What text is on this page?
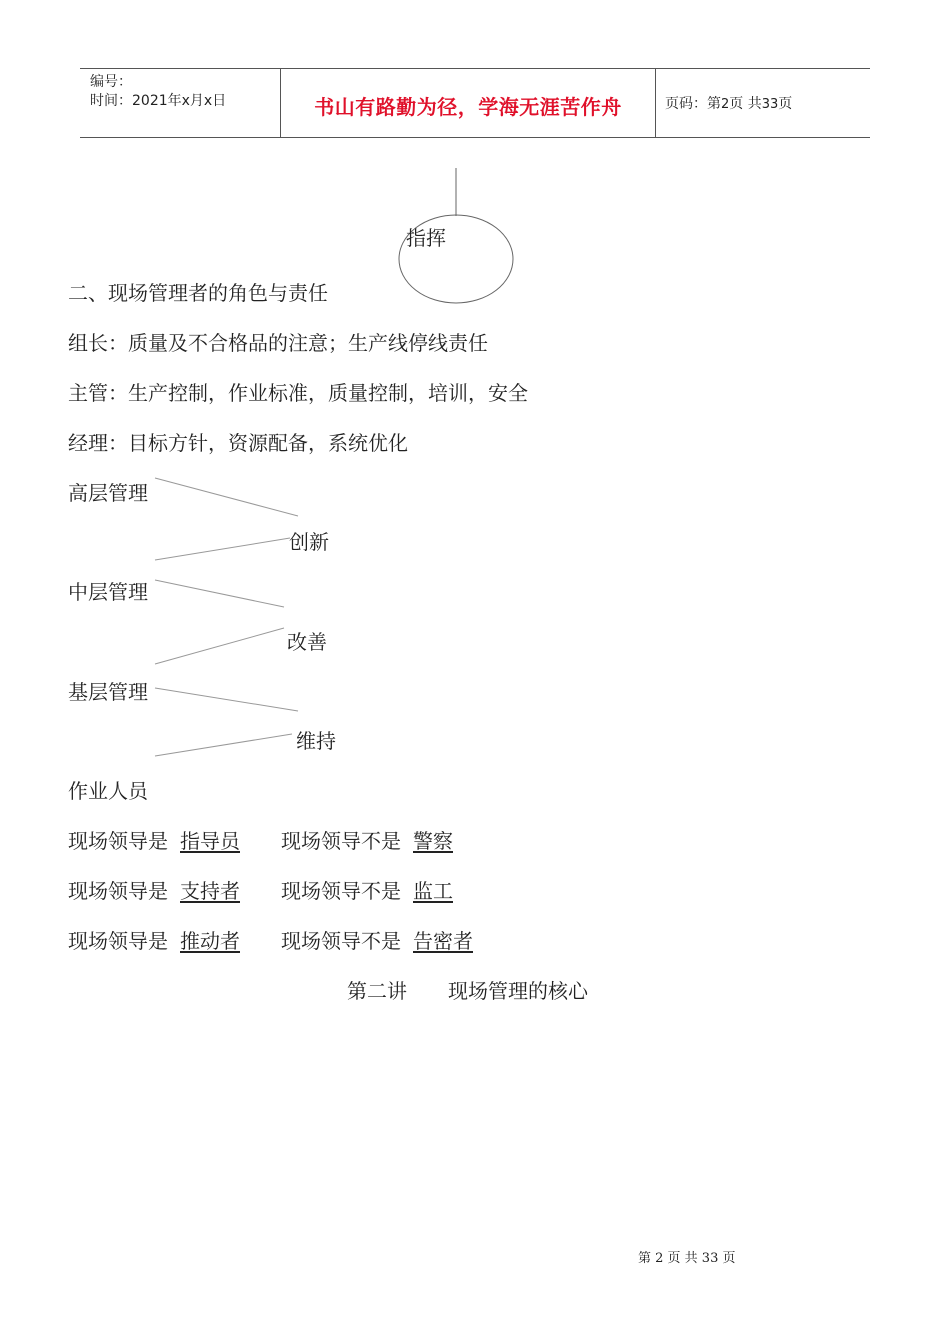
编号：
时间：2021年x月x日	书山有路勤为径，学海无涯苦作舟	页码：第2页 共33页
指挥
二、现场管理者的角色与责任
组长：质量及不合格品的注意；生产线停线责任
主管：生产控制，作业标准，质量控制，培训，安全
经理：目标方针，资源配备，系统优化
高层管理
创新
中层管理
改善
基层管理
维持
作业人员
现场领导是 指导员 现场领导不是 警察
现场领导是 支持者 现场领导不是 监工
现场领导是 推动者 现场领导不是 告密者
第二讲 现场管理的核心
第 2 页 共 33 页
